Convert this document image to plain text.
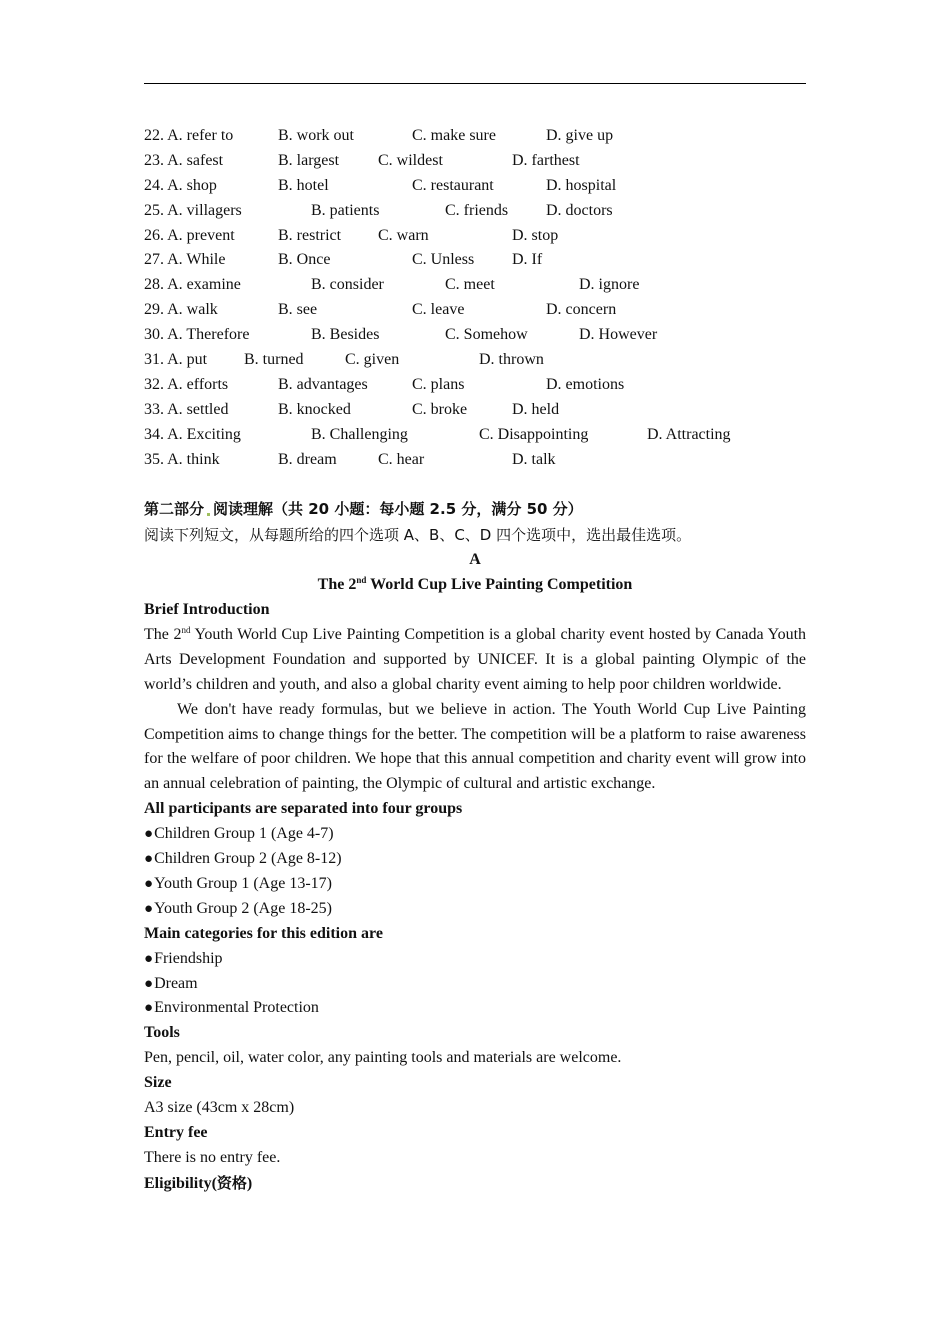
22. A. refer to	B. work out	C. make sure	D. give up
23. A. safest	B. largest C. wildest	D. farthest
24. A. shop	B. hotel	C. restaurant	D. hospital
25. A. villagers	B. patients	C. friends D. doctors
26. A. prevent	B. restrict C. warn	D. stop
27. A. While	B. Once	C. Unless D. If
28. A. examine	B. consider	C. meet	D. ignore
29. A. walk	B. see	C. leave	D. concern
30. A. Therefore	B. Besides	C. Somehow	D. However
31. A. put B. turned	C. given	D. thrown
32. A. efforts	B. advantages	C. plans	D. emotions
33. A. settled	B. knocked	C. broke	D. held
34. A. Exciting	B. Challenging	C. Disappointing	D. Attracting
35. A. think	B. dream	C. hear	D. talk
第二部分 阅读理解（共 20 小题：每小题 2.5 分，满分 50 分）
阅读下列短文，从每题所给的四个选项 A、B、C、D 四个选项中，选出最佳选项。
A
The 2nd World Cup Live Painting Competition
Brief Introduction
The 2nd Youth World Cup Live Painting Competition is a global charity event hosted by Canada Youth Arts Development Foundation and supported by UNICEF. It is a global painting Olympic of the world’s children and youth, and also a global charity event aiming to help poor children worldwide.
We don't have ready formulas, but we believe in action. The Youth World Cup Live Painting Competition aims to change things for the better. The competition will be a platform to raise awareness for the welfare of poor children. We hope that this annual competition and charity event will grow into an annual celebration of painting, the Olympic of cultural and artistic exchange.
All participants are separated into four groups
●Children Group 1 (Age 4-7)
●Children Group 2 (Age 8-12)
●Youth Group 1 (Age 13-17)
●Youth Group 2 (Age 18-25)
Main categories for this edition are
●Friendship
●Dream
●Environmental Protection
Tools
Pen, pencil, oil, water color, any painting tools and materials are welcome.
Size
A3 size (43cm x 28cm)
Entry fee
There is no entry fee.
Eligibility(资格)
